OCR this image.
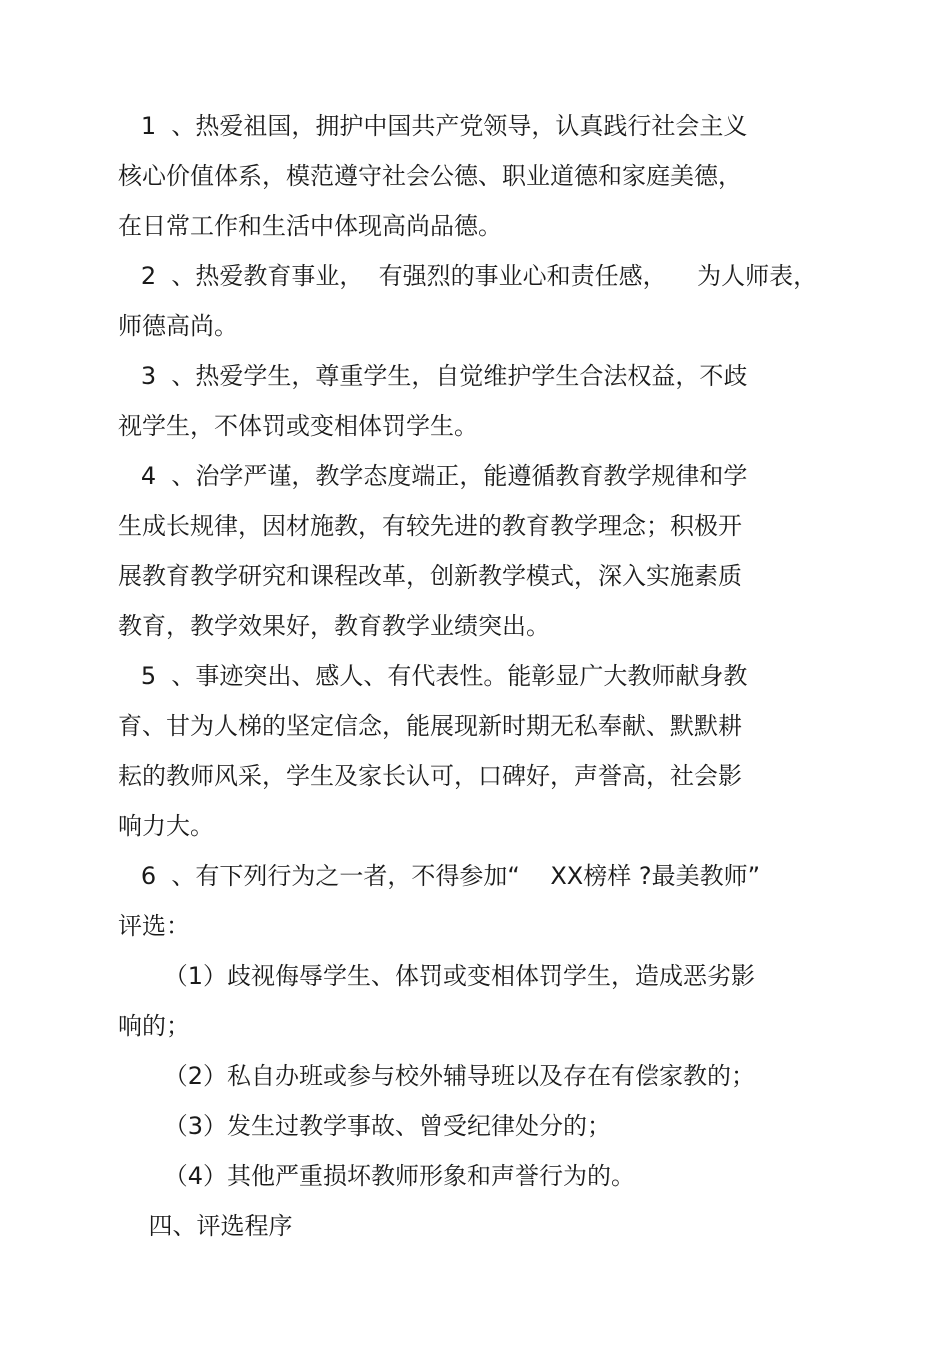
1  、热爱祖国，拥护中国共产党领导，认真践行社会主义
核心价值体系，模范遵守社会公德、职业道德和家庭美德，
在日常工作和生活中体现高尚品德。
2  、热爱教育事业，  有强烈的事业心和责任感，    为人师表，
师德高尚。
3  、热爱学生，尊重学生，自觉维护学生合法权益，不歧
视学生，不体罚或变相体罚学生。
4  、治学严谨，教学态度端正，能遵循教育教学规律和学
生成长规律，因材施教，有较先进的教育教学理念；积极开
展教育教学研究和课程改革，创新教学模式，深入实施素质
教育，教学效果好，教育教学业绩突出。
5  、事迹突出、感人、有代表性。能彰显广大教师献身教
育、甘为人梯的坚定信念，能展现新时期无私奉献、默默耕
耘的教师风采，学生及家长认可，口碑好，声誉高，社会影
响力大。
6  、有下列行为之一者，不得参加“    XX榜样 ?最美教师”
评选：
（1）歧视侮辱学生、体罚或变相体罚学生，造成恶劣影
响的；
（2）私自办班或参与校外辅导班以及存在有偿家教的；
（3）发生过教学事故、曾受纪律处分的；
（4）其他严重损坏教师形象和声誉行为的。
四、评选程序
